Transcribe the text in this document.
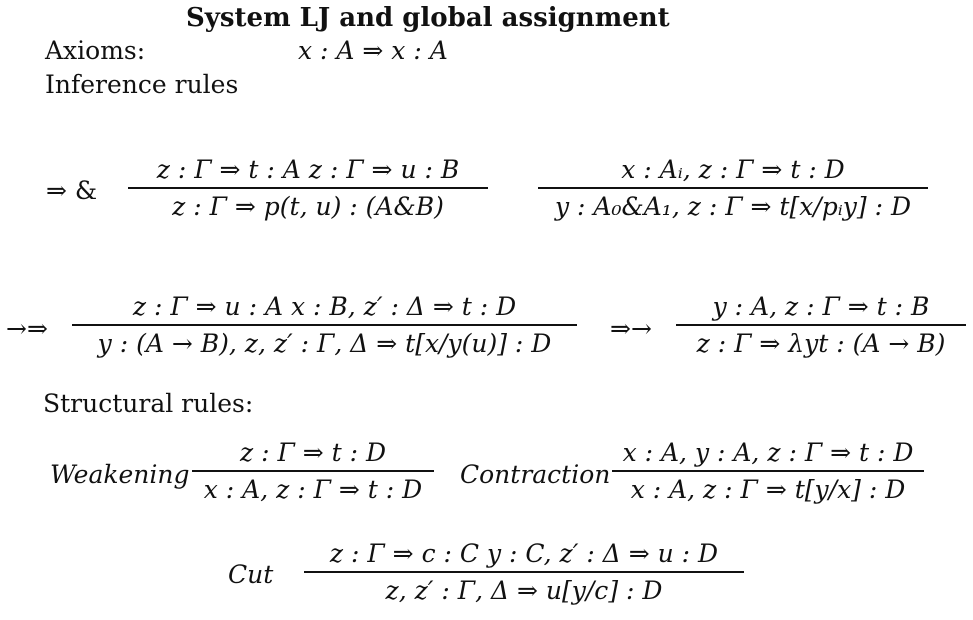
System LJ and global assignment
Axioms:	x : A ⇒ x : A
Inference rules
⇒ &
z : Γ ⇒ t : A z : Γ ⇒ u : B
z : Γ ⇒ p(t, u) : (A&B)
x : Aᵢ, z : Γ ⇒ t : D
y : A₀&A₁, z : Γ ⇒ t[x/pᵢy] : D
→⇒
z : Γ ⇒ u : A x : B, z′ : Δ ⇒ t : D
y : (A → B), z, z′ : Γ, Δ ⇒ t[x/y(u)] : D ⇒→
y : A, z : Γ ⇒ t : B
z : Γ ⇒ λyt : (A → B)
Structural rules:
Weakening
z : Γ ⇒ t : D
x : A, z : Γ ⇒ t : D Contraction
x : A, y : A, z : Γ ⇒ t : D
x : A, z : Γ ⇒ t[y/x] : D
Cut
z : Γ ⇒ c : C y : C, z′ : Δ ⇒ u : D
z, z′ : Γ, Δ ⇒ u[y/c] : D
